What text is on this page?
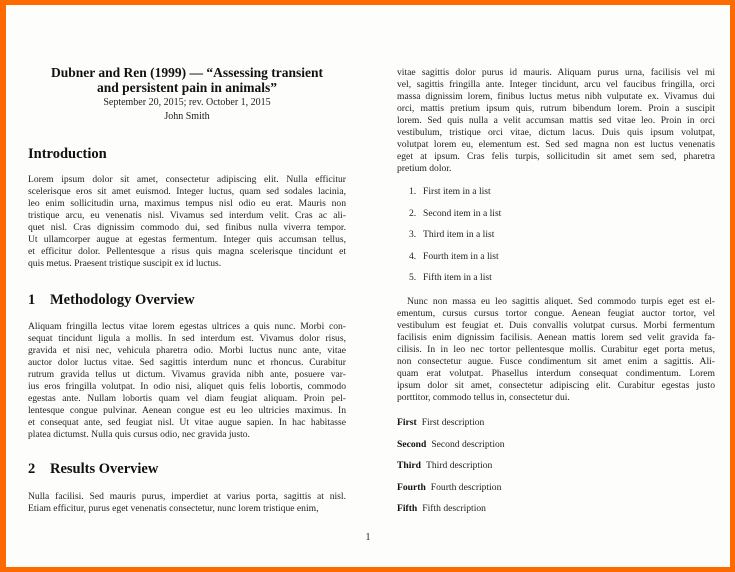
Dubner and Ren (1999) — “Assessing transient
and persistent pain in animals”
September 20, 2015; rev. October 1, 2015
John Smith
Introduction
Lorem ipsum dolor sit amet, consectetur adipiscing elit. Nulla efficitur
scelerisque eros sit amet euismod. Integer luctus, quam sed sodales lacinia,
leo enim sollicitudin urna, maximus tempus nisl odio eu erat. Mauris non
tristique arcu, eu venenatis nisl. Vivamus sed interdum velit. Cras ac ali-
quet nisl. Cras dignissim commodo dui, sed finibus nulla viverra tempor.
Ut ullamcorper augue at egestas fermentum. Integer quis accumsan tellus,
et efficitur dolor. Pellentesque a risus quis magna scelerisque tincidunt et
quis metus. Praesent tristique suscipit ex id luctus.
1 Methodology Overview
Aliquam fringilla lectus vitae lorem egestas ultrices a quis nunc. Morbi con-
sequat tincidunt ligula a mollis. In sed interdum est. Vivamus dolor risus,
gravida et nisi nec, vehicula pharetra odio. Morbi luctus nunc ante, vitae
auctor dolor luctus vitae. Sed sagittis interdum nunc et rhoncus. Curabitur
rutrum gravida tellus ut dictum. Vivamus gravida nibh ante, posuere var-
ius eros fringilla volutpat. In odio nisi, aliquet quis felis lobortis, commodo
egestas ante. Nullam lobortis quam vel diam feugiat aliquam. Proin pel-
lentesque congue pulvinar. Aenean congue est eu leo ultricies maximus. In
et consequat ante, sed feugiat nisl. Ut vitae augue sapien. In hac habitasse
platea dictumst. Nulla quis cursus odio, nec gravida justo.
2 Results Overview
Nulla facilisi. Sed mauris purus, imperdiet at varius porta, sagittis at nisl.
Etiam efficitur, purus eget venenatis consectetur, nunc lorem tristique enim,
vitae sagittis dolor purus id mauris. Aliquam purus urna, facilisis vel mi
vel, sagittis fringilla ante. Integer tincidunt, arcu vel faucibus fringilla, orci
massa dignissim lorem, finibus luctus metus nibh vulputate ex. Vivamus dui
orci, mattis pretium ipsum quis, rutrum bibendum lorem. Proin a suscipit
lorem. Sed quis nulla a velit accumsan mattis sed vitae leo. Proin in orci
vestibulum, tristique orci vitae, dictum lacus. Duis quis ipsum volutpat,
volutpat lorem eu, elementum est. Sed sed magna non est luctus venenatis
eget at ipsum. Cras felis turpis, sollicitudin sit amet sem sed, pharetra
pretium dolor.
1. First item in a list
2. Second item in a list
3. Third item in a list
4. Fourth item in a list
5. Fifth item in a list
Nunc non massa eu leo sagittis aliquet. Sed commodo turpis eget est el-
ementum, cursus cursus tortor congue. Aenean feugiat auctor tortor, vel
vestibulum est feugiat et. Duis convallis volutpat cursus. Morbi fermentum
facilisis enim dignissim facilisis. Aenean mattis lorem sed velit gravida fa-
cilisis. In in leo nec tortor pellentesque mollis. Curabitur eget porta metus,
non consectetur augue. Fusce condimentum sit amet enim a sagittis. Ali-
quam erat volutpat. Phasellus interdum consequat condimentum. Lorem
ipsum dolor sit amet, consectetur adipiscing elit. Curabitur egestas justo
porttitor, commodo tellus in, consectetur dui.
First First description
Second Second description
Third Third description
Fourth Fourth description
Fifth Fifth description
1
